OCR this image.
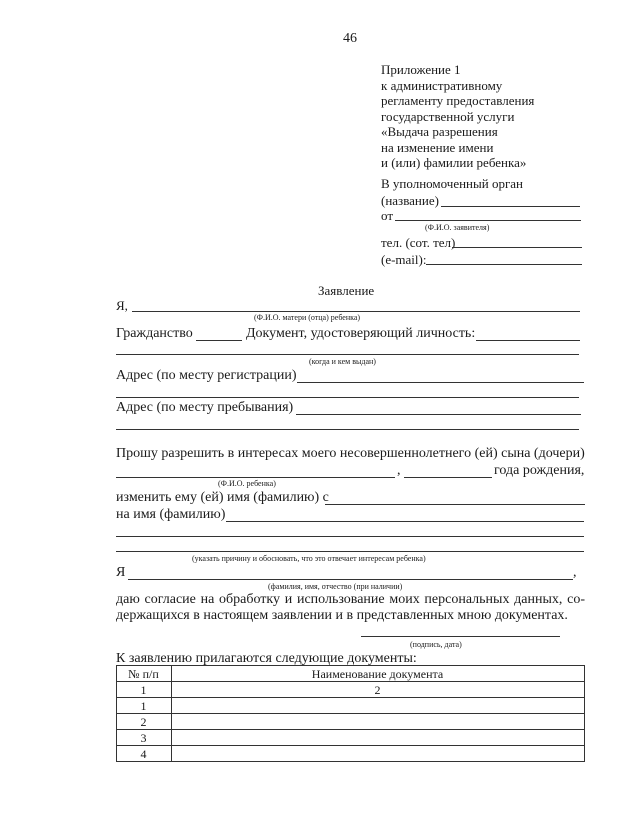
46
Приложение 1
к административному
регламенту предоставления
государственной услуги
«Выдача разрешения
на изменение имени
и (или) фамилии ребенка»
В уполномоченный орган
(название)
от
(Ф.И.О. заявителя)
тел. (сот. тел)
(e-mail):
Заявление
Я,
(Ф.И.О. матери (отца) ребенка)
Гражданство	Документ, удостоверяющий личность:
(когда и кем выдан)
Адрес (по месту регистрации)
Адрес (по месту пребывания)
Прошу разрешить в интересах моего несовершеннолетнего (ей) сына (дочери)
,	года рождения,
(Ф.И.О. ребенка)
изменить ему (ей) имя (фамилию) с
на имя (фамилию)
(указать причину и обосновать, что это отвечает интересам ребенка)
Я	,
(фамилия, имя, отчество (при наличии)
даю согласие на обработку и использование моих персональных данных, со-
держащихся в настоящем заявлении и в представленных мною документах.
(подпись, дата)
К заявлению прилагаются следующие документы:
№ п/п	Наименование документа
1	2
1
2
3
4
